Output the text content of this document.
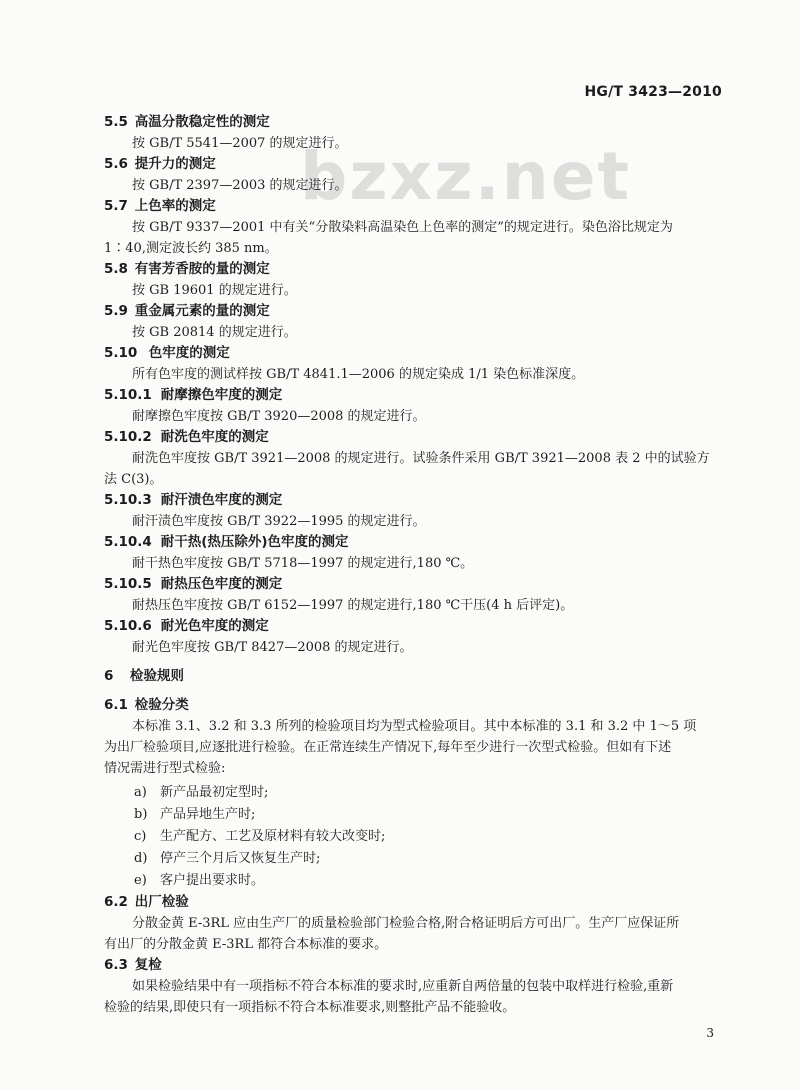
HG/T 3423—2010
bzxz.net
5.5 高温分散稳定性的测定

按 GB/T 5541—2007 的规定进行。

5.6 提升力的测定

按 GB/T 2397—2003 的规定进行。

5.7 上色率的测定

按 GB/T 9337—2001 中有关“分散染料高温染色上色率的测定”的规定进行。染色浴比规定为

1∶40,测定波长约 385 nm。

5.8 有害芳香胺的量的测定

按 GB 19601 的规定进行。

5.9 重金属元素的量的测定

按 GB 20814 的规定进行。

5.10 色牢度的测定

所有色牢度的测试样按 GB/T 4841.1—2006 的规定染成 1/1 染色标准深度。

5.10.1 耐摩擦色牢度的测定

耐摩擦色牢度按 GB/T 3920—2008 的规定进行。

5.10.2 耐洗色牢度的测定

耐洗色牢度按 GB/T 3921—2008 的规定进行。试验条件采用 GB/T 3921—2008 表 2 中的试验方

法 C(3)。

5.10.3 耐汗渍色牢度的测定

耐汗渍色牢度按 GB/T 3922—1995 的规定进行。

5.10.4 耐干热(热压除外)色牢度的测定

耐干热色牢度按 GB/T 5718—1997 的规定进行,180 ℃。

5.10.5 耐热压色牢度的测定

耐热压色牢度按 GB/T 6152—1997 的规定进行,180 ℃干压(4 h 后评定)。

5.10.6 耐光色牢度的测定

耐光色牢度按 GB/T 8427—2008 的规定进行。

6 检验规则
6.1 检验分类

本标准 3.1、3.2 和 3.3 所列的检验项目均为型式检验项目。其中本标准的 3.1 和 3.2 中 1～5 项

为出厂检验项目,应逐批进行检验。在正常连续生产情况下,每年至少进行一次型式检验。但如有下述

情况需进行型式检验:

a) 新产品最初定型时;
b) 产品异地生产时;
c) 生产配方、工艺及原材料有较大改变时;
d) 停产三个月后又恢复生产时;
e) 客户提出要求时。
6.2 出厂检验

分散金黄 E-3RL 应由生产厂的质量检验部门检验合格,附合格证明后方可出厂。生产厂应保证所

有出厂的分散金黄 E-3RL 都符合本标准的要求。

6.3 复检

如果检验结果中有一项指标不符合本标准的要求时,应重新自两倍量的包装中取样进行检验,重新

检验的结果,即使只有一项指标不符合本标准要求,则整批产品不能验收。

3
